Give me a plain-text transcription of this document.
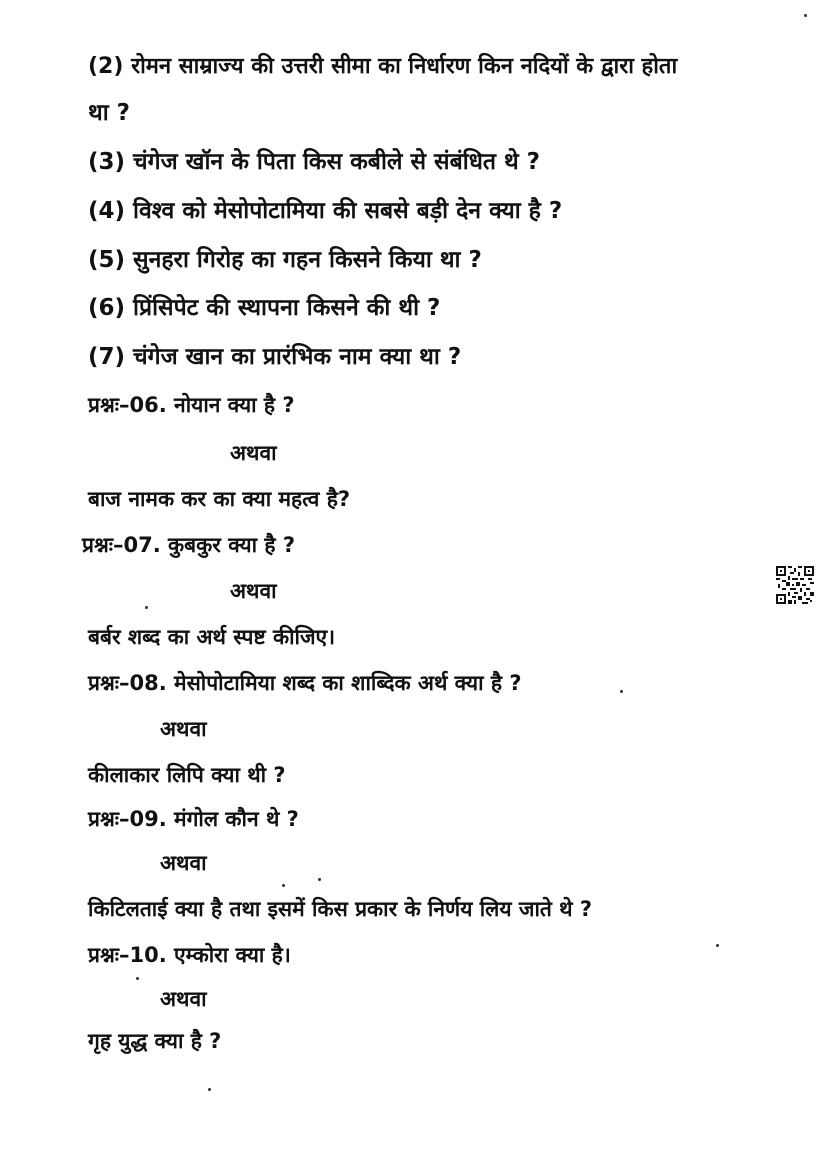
(2) रोमन साम्राज्य की उत्तरी सीमा का निर्धारण किन नदियों के द्वारा होता
था ?
(3) चंगेज खॉन के पिता किस कबीले से संबंधित थे ?
(4) विश्व को मेसोपोटामिया की सबसे बड़ी देन क्या है ?
(5) सुनहरा गिरोह का गहन किसने किया था ?
(6) प्रिंसिपेट की स्थापना किसने की थी ?
(7) चंगेज खान का प्रारंभिक नाम क्या था ?
प्रश्नः–06. नोयान क्या है ?
अथवा
बाज नामक कर का क्या महत्व है?
प्रश्नः–07. कुबकुर क्या है ?
अथवा
बर्बर शब्द का अर्थ स्पष्ट कीजिए।
प्रश्नः–08. मेसोपोटामिया शब्द का शाब्दिक अर्थ क्या है ?
अथवा
कीलाकार लिपि क्या थी ?
प्रश्नः–09. मंगोल कौन थे ?
अथवा
किटिलताई क्या है तथा इसमें किस प्रकार के निर्णय लिय जाते थे ?
प्रश्नः–10. एम्कोरा क्या है।
अथवा
गृह युद्ध क्या है ?
